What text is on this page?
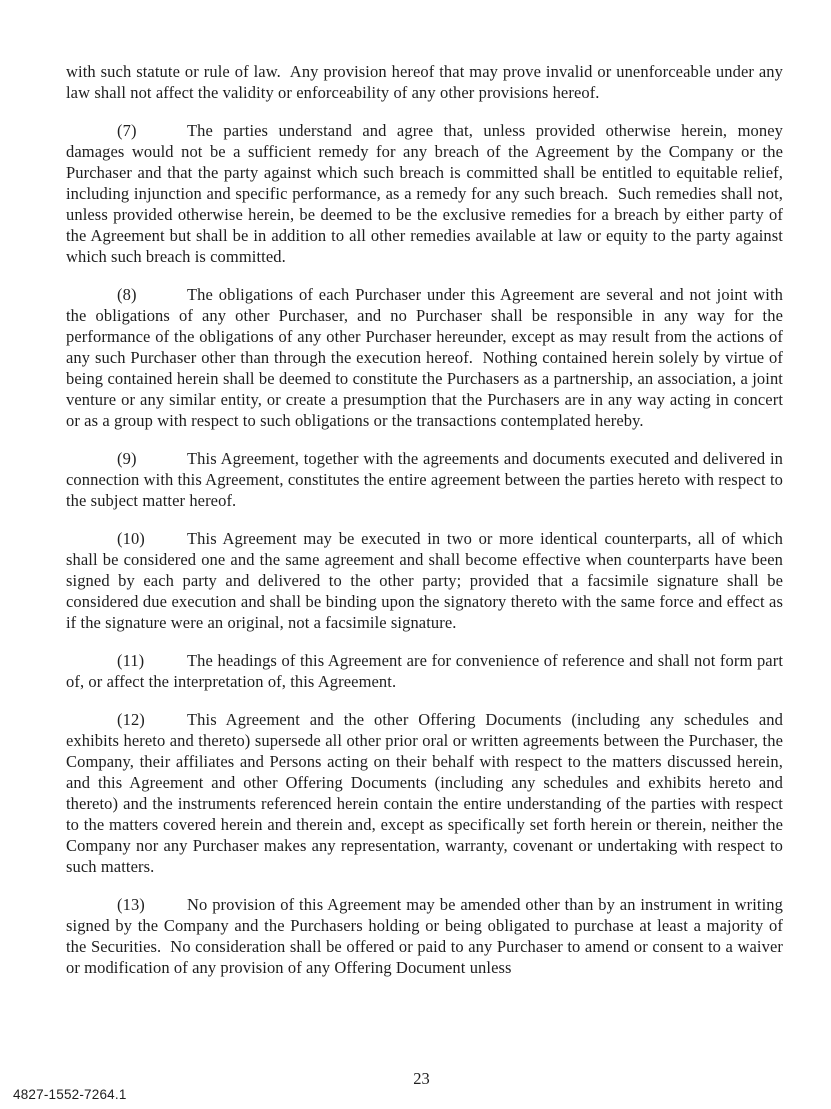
with such statute or rule of law.  Any provision hereof that may prove invalid or unenforceable under any law shall not affect the validity or enforceability of any other provisions hereof.

(7)	The parties understand and agree that, unless provided otherwise herein, money damages would not be a sufficient remedy for any breach of the Agreement by the Company or the Purchaser and that the party against which such breach is committed shall be entitled to equitable relief, including injunction and specific performance, as a remedy for any such breach.  Such remedies shall not, unless provided otherwise herein, be deemed to be the exclusive remedies for a breach by either party of the Agreement but shall be in addition to all other remedies available at law or equity to the party against which such breach is committed.

(8)	The obligations of each Purchaser under this Agreement are several and not joint with the obligations of any other Purchaser, and no Purchaser shall be responsible in any way for the performance of the obligations of any other Purchaser hereunder, except as may result from the actions of any such Purchaser other than through the execution hereof.  Nothing contained herein solely by virtue of being contained herein shall be deemed to constitute the Purchasers as a partnership, an association, a joint venture or any similar entity, or create a presumption that the Purchasers are in any way acting in concert or as a group with respect to such obligations or the transactions contemplated hereby.

(9)	This Agreement, together with the agreements and documents executed and delivered in connection with this Agreement, constitutes the entire agreement between the parties hereto with respect to the subject matter hereof.

(10)	This Agreement may be executed in two or more identical counterparts, all of which shall be considered one and the same agreement and shall become effective when counterparts have been signed by each party and delivered to the other party; provided that a facsimile signature shall be considered due execution and shall be binding upon the signatory thereto with the same force and effect as if the signature were an original, not a facsimile signature.

(11)	The headings of this Agreement are for convenience of reference and shall not form part of, or affect the interpretation of, this Agreement.

(12)	This Agreement and the other Offering Documents (including any schedules and exhibits hereto and thereto) supersede all other prior oral or written agreements between the Purchaser, the Company, their affiliates and Persons acting on their behalf with respect to the matters discussed herein, and this Agreement and other Offering Documents (including any schedules and exhibits hereto and thereto) and the instruments referenced herein contain the entire understanding of the parties with respect to the matters covered herein and therein and, except as specifically set forth herein or therein, neither the Company nor any Purchaser makes any representation, warranty, covenant or undertaking with respect to such matters.

(13)	No provision of this Agreement may be amended other than by an instrument in writing signed by the Company and the Purchasers holding or being obligated to purchase at least a majority of the Securities.  No consideration shall be offered or paid to any Purchaser to amend or consent to a waiver or modification of any provision of any Offering Document unless

23
4827-1552-7264.1
